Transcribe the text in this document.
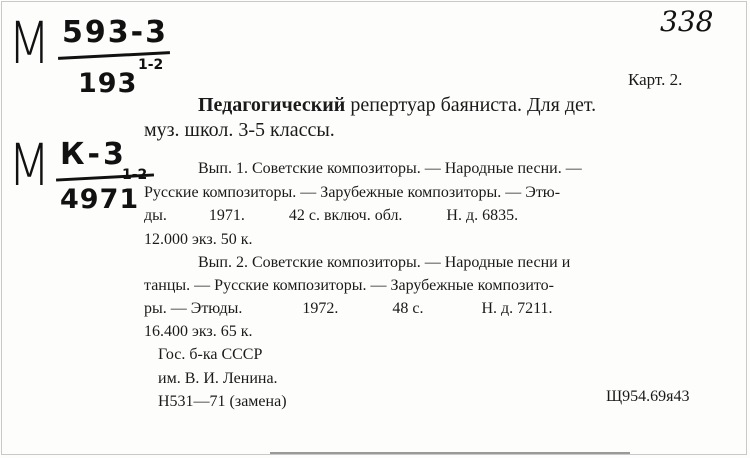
М 593-3
193
1-2
М К-3
4971
1-2
338
Карт. 2.
Педагогический репертуар баяниста. Для дет.
муз. школ. 3-5 классы.
Вып. 1. Советские композиторы. — Народные песни. —
Русские композиторы. — Зарубежные композиторы. — Этю-
ды.	1971.	42 с. включ. обл.	Н. д. 6835.
12.000 экз. 50 к.
Вып. 2. Советские композиторы. — Народные песни и
танцы. — Русские композиторы. — Зарубежные композито-
ры. — Этюды.	1972.	48 с.	Н. д. 7211.
16.400 экз. 65 к.
Гос. б-ка СССР
им. В. И. Ленина.
Н531—71 (замена)	Щ954.69я43
